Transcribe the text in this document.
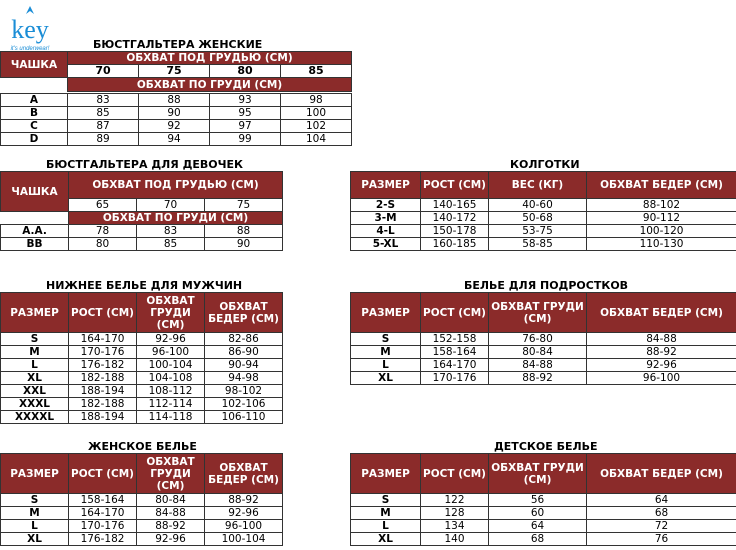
key
it's underwear!	БЮСТГАЛЬТЕРА ЖЕНСКИЕ
ЧАШКА	ОБХВАТ ПОД ГРУДЬЮ (СМ)			
	70	75	80	85
	ОБХВАТ ПО ГРУДИ (СМ)			

A	83	88	93	98
B	85	90	95	100
C	87	92	97	102
D	89	94	99	104
БЮСТГАЛЬТЕРА ДЛЯ ДЕВОЧЕК
ЧАШКА	ОБХВАТ ПОД ГРУДЬЮ (СМ)		
	65	70	75
	ОБХВАТ ПО ГРУДИ (СМ)		
A.A.	78	83	88
BB	80	85	90
КОЛГОТКИ
РАЗМЕР	РОСТ (СМ)	ВЕС (КГ)	ОБХВАТ БЕДЕР (СМ)
2-S	140-165	40-60	88-102
3-M	140-172	50-68	90-112
4-L	150-178	53-75	100-120
5-XL	160-185	58-85	110-130
НИЖНЕЕ БЕЛЬЕ ДЛЯ МУЖЧИН
РАЗМЕР	РОСТ (СМ)	ОБХВАТ ГРУДИ (СМ)	ОБХВАТ БЕДЕР (СМ)
S	164-170	92-96	82-86
M	170-176	96-100	86-90
L	176-182	100-104	90-94
XL	182-188	104-108	94-98
XXL	188-194	108-112	98-102
XXXL	182-188	112-114	102-106
XXXXL	188-194	114-118	106-110
БЕЛЬЕ ДЛЯ ПОДРОСТКОВ
РАЗМЕР	РОСТ (СМ)	ОБХВАТ ГРУДИ (СМ)	ОБХВАТ БЕДЕР (СМ)
S	152-158	76-80	84-88
M	158-164	80-84	88-92
L	164-170	84-88	92-96
XL	170-176	88-92	96-100
ЖЕНСКОЕ БЕЛЬЕ
РАЗМЕР	РОСТ (СМ)	ОБХВАТ ГРУДИ (СМ)	ОБХВАТ БЕДЕР (СМ)
S	158-164	80-84	88-92
M	164-170	84-88	92-96
L	170-176	88-92	96-100
XL	176-182	92-96	100-104
ДЕТСКОЕ БЕЛЬЕ
РАЗМЕР	РОСТ (СМ)	ОБХВАТ ГРУДИ (СМ)	ОБХВАТ БЕДЕР (СМ)
S	122	56	64
M	128	60	68
L	134	64	72
XL	140	68	76
